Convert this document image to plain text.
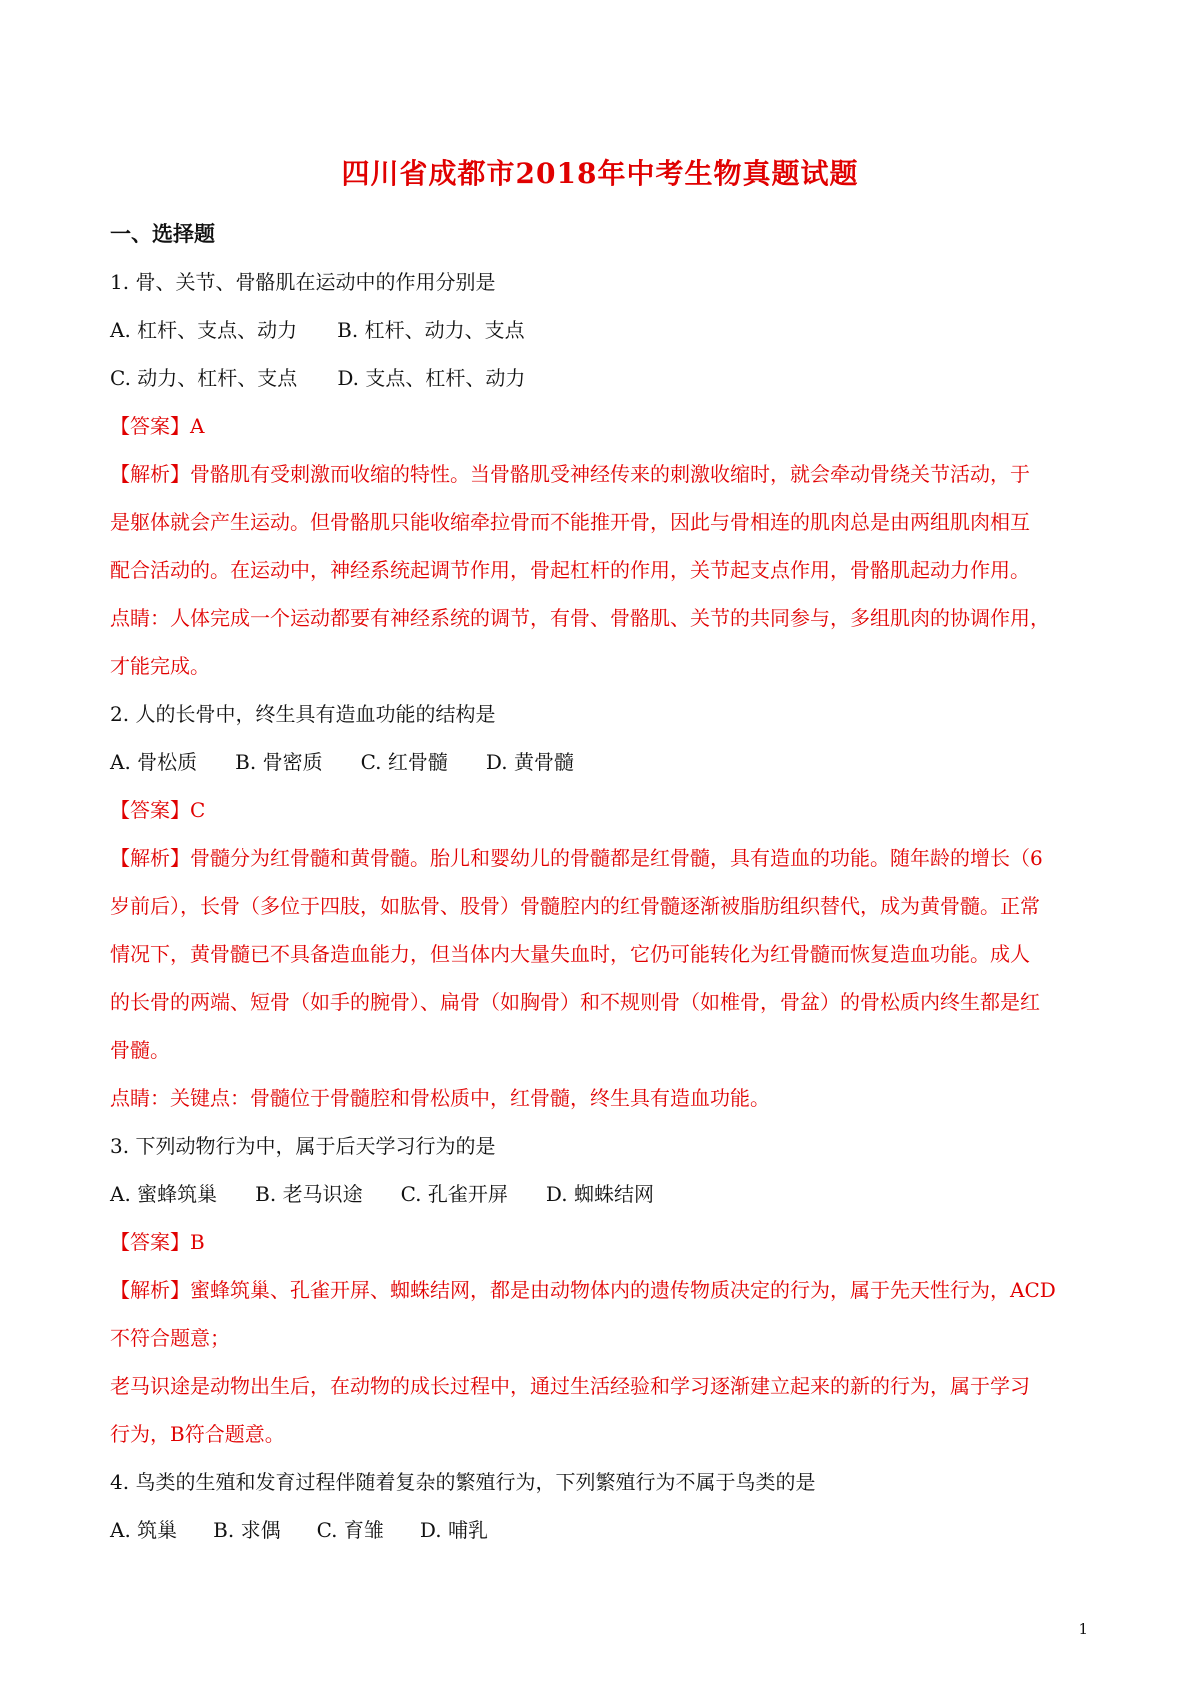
四川省成都市2018年中考生物真题试题
一、选择题
1. 骨、关节、骨骼肌在运动中的作用分别是
A. 杠杆、支点、动力 B. 杠杆、动力、支点
C. 动力、杠杆、支点 D. 支点、杠杆、动力
【答案】A
【解析】骨骼肌有受刺激而收缩的特性。当骨骼肌受神经传来的刺激收缩时，就会牵动骨绕关节活动，于
是躯体就会产生运动。但骨骼肌只能收缩牵拉骨而不能推开骨，因此与骨相连的肌肉总是由两组肌肉相互
配合活动的。在运动中，神经系统起调节作用，骨起杠杆的作用，关节起支点作用，骨骼肌起动力作用。
点睛：人体完成一个运动都要有神经系统的调节，有骨、骨骼肌、关节的共同参与，多组肌肉的协调作用，
才能完成。
2. 人的长骨中，终生具有造血功能的结构是
A. 骨松质 B. 骨密质 C. 红骨髓 D. 黄骨髓
【答案】C
【解析】骨髓分为红骨髓和黄骨髓。胎儿和婴幼儿的骨髓都是红骨髓，具有造血的功能。随年龄的增长（6
岁前后），长骨（多位于四肢，如肱骨、股骨）骨髓腔内的红骨髓逐渐被脂肪组织替代，成为黄骨髓。正常
情况下，黄骨髓已不具备造血能力，但当体内大量失血时，它仍可能转化为红骨髓而恢复造血功能。成人
的长骨的两端、短骨（如手的腕骨）、扁骨（如胸骨）和不规则骨（如椎骨，骨盆）的骨松质内终生都是红
骨髓。
点睛：关键点：骨髓位于骨髓腔和骨松质中，红骨髓，终生具有造血功能。
3. 下列动物行为中，属于后天学习行为的是
A. 蜜蜂筑巢 B. 老马识途 C. 孔雀开屏 D. 蜘蛛结网
【答案】B
【解析】蜜蜂筑巢、孔雀开屏、蜘蛛结网，都是由动物体内的遗传物质决定的行为，属于先天性行为，ACD
不符合题意；
老马识途是动物出生后，在动物的成长过程中，通过生活经验和学习逐渐建立起来的新的行为，属于学习
行为，B符合题意。
4. 鸟类的生殖和发育过程伴随着复杂的繁殖行为，下列繁殖行为不属于鸟类的是
A. 筑巢 B. 求偶 C. 育雏 D. 哺乳
1
